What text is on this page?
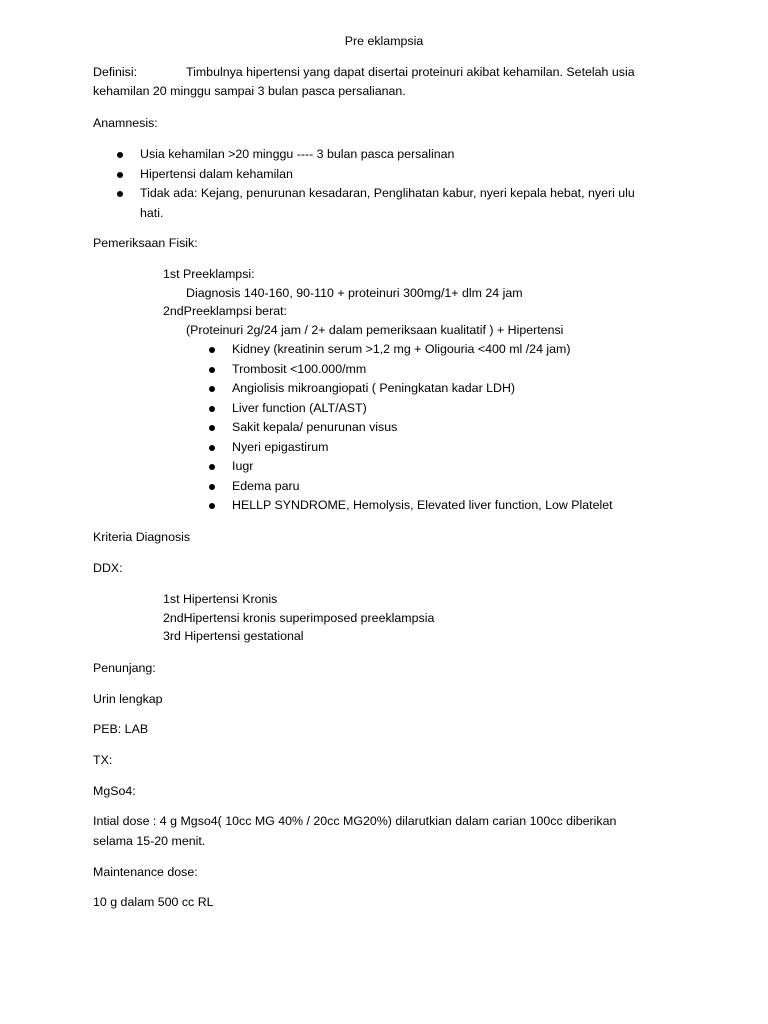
Pre eklampsia
Definisi:	Timbulnya hipertensi yang dapat disertai proteinuri akibat kehamilan. Setelah usia
kehamilan 20 minggu sampai 3 bulan pasca persalianan.
Anamnesis:
Usia kehamilan >20 minggu ---- 3 bulan pasca persalinan
Hipertensi dalam kehamilan
Tidak ada: Kejang, penurunan kesadaran, Penglihatan kabur, nyeri kepala hebat, nyeri ulu
hati.
Pemeriksaan Fisik:
1st Preeklampsi:
Diagnosis 140-160, 90-110 + proteinuri 300mg/1+ dlm 24 jam
2ndPreeklampsi berat:
(Proteinuri 2g/24 jam / 2+ dalam pemeriksaan kualitatif ) + Hipertensi
Kidney (kreatinin serum >1,2 mg + Oligouria <400 ml /24 jam)
Trombosit <100.000/mm
Angiolisis mikroangiopati ( Peningkatan kadar LDH)
Liver function (ALT/AST)
Sakit kepala/ penurunan visus
Nyeri epigastirum
Iugr
Edema paru
HELLP SYNDROME, Hemolysis, Elevated liver function, Low Platelet
Kriteria Diagnosis
DDX:
1st Hipertensi Kronis
2ndHipertensi kronis superimposed preeklampsia
3rd Hipertensi gestational
Penunjang:
Urin lengkap
PEB: LAB
TX:
MgSo4:
Intial dose : 4 g Mgso4( 10cc MG 40% / 20cc MG20%) dilarutkian dalam carian 100cc diberikan
selama 15-20 menit.
Maintenance dose:
10 g dalam 500 cc RL
